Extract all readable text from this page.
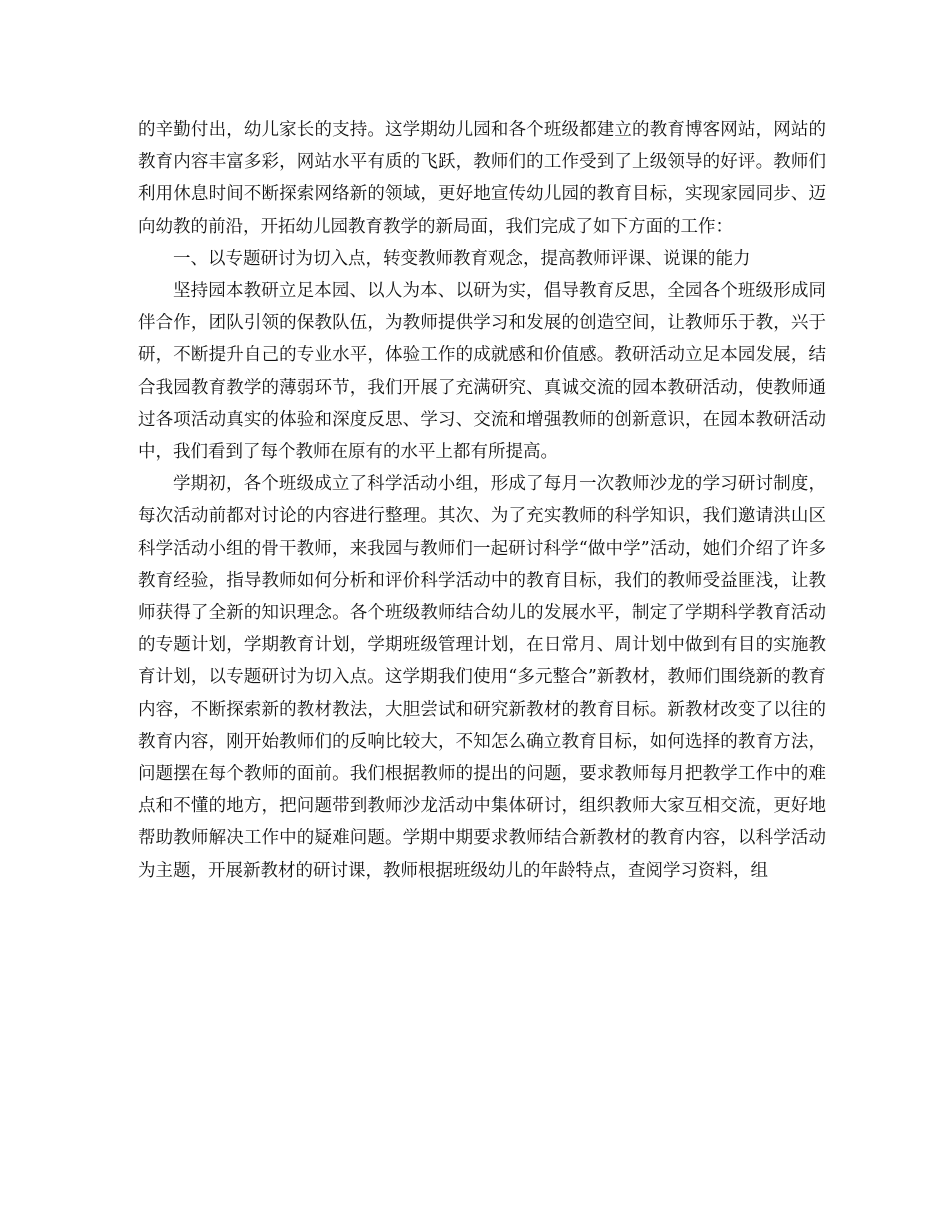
的辛勤付出，幼儿家长的支持。这学期幼儿园和各个班级都建立的教育博客网站，网站的教育内容丰富多彩，网站水平有质的飞跃，教师们的工作受到了上级领导的好评。教师们利用休息时间不断探索网络新的领域，更好地宣传幼儿园的教育目标，实现家园同步、迈向幼教的前沿，开拓幼儿园教育教学的新局面，我们完成了如下方面的工作：

一、以专题研讨为切入点，转变教师教育观念，提高教师评课、说课的能力

坚持园本教研立足本园、以人为本、以研为实，倡导教育反思，全园各个班级形成同伴合作，团队引领的保教队伍，为教师提供学习和发展的创造空间，让教师乐于教，兴于研，不断提升自己的专业水平，体验工作的成就感和价值感。教研活动立足本园发展，结合我园教育教学的薄弱环节，我们开展了充满研究、真诚交流的园本教研活动，使教师通过各项活动真实的体验和深度反思、学习、交流和增强教师的创新意识，在园本教研活动中，我们看到了每个教师在原有的水平上都有所提高。

学期初，各个班级成立了科学活动小组，形成了每月一次教师沙龙的学习研讨制度，每次活动前都对讨论的内容进行整理。其次、为了充实教师的科学知识，我们邀请洪山区科学活动小组的骨干教师，来我园与教师们一起研讨科学“做中学”活动，她们介绍了许多教育经验，指导教师如何分析和评价科学活动中的教育目标，我们的教师受益匪浅，让教师获得了全新的知识理念。各个班级教师结合幼儿的发展水平，制定了学期科学教育活动的专题计划，学期教育计划，学期班级管理计划，在日常月、周计划中做到有目的实施教育计划，以专题研讨为切入点。这学期我们使用“多元整合”新教材，教师们围绕新的教育内容，不断探索新的教材教法，大胆尝试和研究新教材的教育目标。新教材改变了以往的教育内容，刚开始教师们的反响比较大，不知怎么确立教育目标，如何选择的教育方法，问题摆在每个教师的面前。我们根据教师的提出的问题，要求教师每月把教学工作中的难点和不懂的地方，把问题带到教师沙龙活动中集体研讨，组织教师大家互相交流，更好地帮助教师解决工作中的疑难问题。学期中期要求教师结合新教材的教育内容，以科学活动为主题，开展新教材的研讨课，教师根据班级幼儿的年龄特点，查阅学习资料，组
